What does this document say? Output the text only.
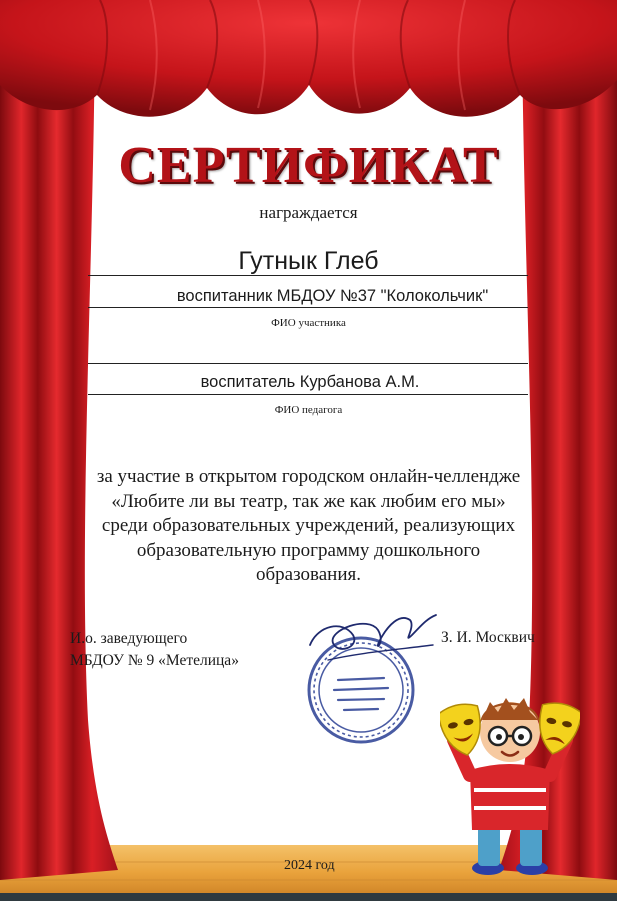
СЕРТИФИКАТ
награждается
Гутнык Глеб
воспитанник МБДОУ №37 "Колокольчик"
ФИО участника
воспитатель Курбанова А.М.
ФИО педагога
за участие в открытом городском онлайн-челлендже
«Любите ли вы театр, так же как любим его мы»
среди образовательных учреждений, реализующих
образовательную программу дошкольного
образования.
И.о. заведующего
МБДОУ № 9 «Метелица»
З. И. Москвич
2024 год
